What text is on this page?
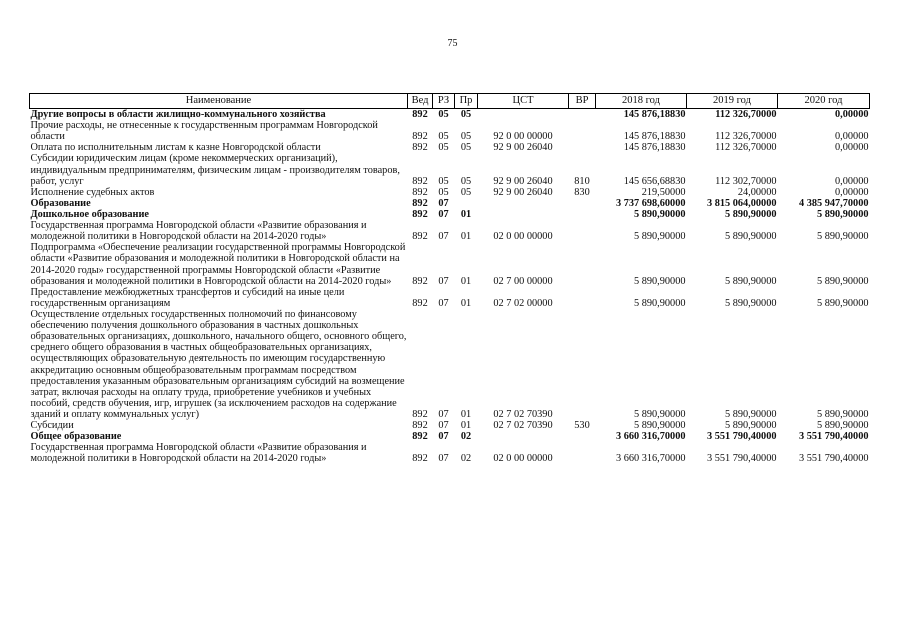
75
Наименование	Вед	РЗ	Пр	ЦСТ	ВР	2018 год	2019 год	2020 год
Другие вопросы в области жилищно-коммунального хозяйства	892	05	05			145 876,18830	112 326,70000	0,00000
Прочие расходы, не отнесенные к государственным программам Новгородской области	892	05	05	92 0 00 00000		145 876,18830	112 326,70000	0,00000
Оплата по исполнительным листам к казне Новгородской области	892	05	05	92 9 00 26040		145 876,18830	112 326,70000	0,00000
Субсидии юридическим лицам (кроме некоммерческих организаций), индивидуальным предпринимателям, физическим лицам - производителям товаров, работ, услуг	892	05	05	92 9 00 26040	810	145 656,68830	112 302,70000	0,00000
Исполнение судебных актов	892	05	05	92 9 00 26040	830	219,50000	24,00000	0,00000
Образование	892	07				3 737 698,60000	3 815 064,00000	4 385 947,70000
Дошкольное образование	892	07	01			5 890,90000	5 890,90000	5 890,90000
Государственная программа Новгородской области «Развитие образования и молодежной политики в Новгородской области на 2014-2020 годы»	892	07	01	02 0 00 00000		5 890,90000	5 890,90000	5 890,90000
Подпрограмма «Обеспечение реализации государственной программы Новгородской области «Развитие образования и молодежной политики в Новгородской области на 2014-2020 годы» государственной программы Новгородской области «Развитие образования и молодежной политики в Новгородской области на 2014-2020 годы»	892	07	01	02 7 00 00000		5 890,90000	5 890,90000	5 890,90000
Предоставление межбюджетных трансфертов и субсидий на иные цели государственным организациям	892	07	01	02 7 02 00000		5 890,90000	5 890,90000	5 890,90000
Осуществление отдельных государственных полномочий по финансовому обеспечению получения дошкольного образования в частных дошкольных образовательных организациях, дошкольного, начального общего, основного общего, среднего общего образования в частных общеобразовательных организациях, осуществляющих образовательную деятельность по имеющим государственную аккредитацию основным общеобразовательным программам посредством предоставления указанным образовательным организациям субсидий на возмещение затрат, включая расходы на оплату труда, приобретение учебников и учебных пособий, средств обучения, игр, игрушек (за исключением расходов на содержание зданий и оплату коммунальных услуг)	892	07	01	02 7 02 70390		5 890,90000	5 890,90000	5 890,90000
Субсидии	892	07	01	02 7 02 70390	530	5 890,90000	5 890,90000	5 890,90000
Общее образование	892	07	02			3 660 316,70000	3 551 790,40000	3 551 790,40000
Государственная программа Новгородской области «Развитие образования и молодежной политики в Новгородской области на 2014-2020 годы»	892	07	02	02 0 00 00000		3 660 316,70000	3 551 790,40000	3 551 790,40000
